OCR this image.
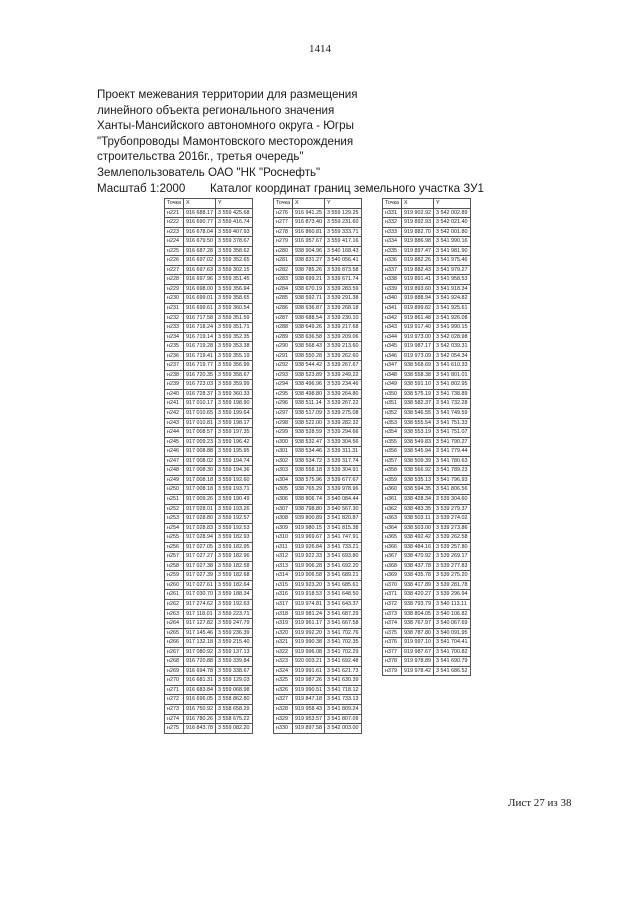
1414
Проект межевания территории для размещения
линейного объекта регионального значения
Ханты-Мансийского автономного округа - Югры
"Трубопроводы Мамонтовского месторождения
строительства 2016г., третья очередь"
Землепользователь ОАО "НК "Роснефть"
Масштаб 1:2000	Каталог координат границ земельного участка ЗУ1
Точка	X	Y
н221	916 688.17	3 559 425.68
н222	916 690.77	3 559 416.74
н223	916 678.04	3 559 407.93
н224	916 679.50	3 559 378.67
н225	916 687.28	3 559 358.62
н226	916 697.02	3 559 352.65
н227	916 697.63	3 559 302.15
н228	916 697.96	3 559 351.45
н229	916 698.00	3 559 356.94
н230	916 699.01	3 559 358.65
н231	916 699.61	3 559 360.54
н232	916 717.58	3 559 351.59
н233	916 718.24	3 559 351.71
н234	916 719.14	3 559 352.35
н235	916 719.28	3 559 353.38
н236	916 719.41	3 559 355.19
н237	916 719.77	3 559 356.99
н238	916 720.35	3 559 358.67
н239	916 723.03	3 559 359.99
н240	916 728.37	3 559 360.33
н241	917 010.17	3 559 198.90
н242	917 010.65	3 559 199.64
н243	917 010.81	3 559 198.17
н244	917 008.57	3 559 197.35
н245	917 009.23	3 559 196.42
н246	917 008.88	3 559 195.95
н247	917 008.02	3 559 194.74
н248	917 008.30	3 559 194.36
н249	917 008.18	3 559 192.60
н250	917 008.18	3 559 193.71
н251	917 009.26	3 559 190.49
н252	917 028.01	3 559 193.26
н253	917 028.80	3 559 192.57
н254	917 028.83	3 559 192.53
н255	917 028.94	3 559 182.93
н256	917 027.05	3 559 182.95
н257	917 027.27	3 559 182.96
н258	917 027.38	3 559 182.58
н259	917 027.39	3 559 182.68
н260	917 027.61	3 559 182.64
н261	917 030.70	3 559 188.34
н262	917 274.62	3 559 192.63
н263	917 118.01	3 559 223.71
н264	917 127.82	3 559 247.79
н265	917 145.46	3 559 236.39
н266	917 132.18	3 559 215.40
н267	917 080.92	3 559 137.13
н268	916 720.88	3 559 339.84
н269	916 694.78	3 559 338.67
н270	916 681.31	3 559 129.03
н271	916 683.84	3 559 068.98
н272	916 696.05	3 558 862.80
н273	916 750.92	3 558 658.29
н274	916 780.26	3 558 675.22
н275	916 843.78	3 559 082.20
Точка	X	Y
н276	916 941.25	3 559 129.25
н277	916 873.40	3 559 231.60
н278	916 860.81	3 559 333.71
н279	916 957.67	3 559 417.16
н280	938 904.96	3 540 168.43
н281	938 831.27	3 540 056.41
н282	938 785.26	3 539 873.58
н283	938 699.21	3 539 671.74
н284	938 670.19	3 539 283.59
н285	938 592.71	3 539 291.38
н286	938 636.87	3 539 268.18
н287	938 688.54	3 539 230.10
н288	938 649.26	3 539 217.68
н289	938 636.58	3 539 209.06
н290	938 568.43	3 539 213.60
н291	938 550.28	3 539 262.60
н292	938 544.42	3 539 267.67
н293	938 523.89	3 539 249.22
н294	938 496.96	3 539 234.46
н295	938 498.80	3 539 264.80
н296	938 511.14	3 539 267.22
н297	938 517.09	3 539 275.08
н298	938 522.00	3 539 282.32
н299	938 528.59	3 539 294.66
н300	938 532.47	3 539 304.56
н301	938 534.46	3 539 311.31
н302	938 534.72	3 539 317.74
н303	938 558.18	3 539 304.91
н304	938 575.96	3 539 677.67
н305	938 765.29	3 539 978.96
н306	938 806.74	3 540 084.44
н307	938 798.80	3 540 567.30
н308	939 800.89	3 541 820.87
н309	919 980.15	3 541 815.38
н310	919 969.67	3 541 747.91
н311	919 926.84	3 541 733.21
н312	919 922.33	3 541 693.80
н313	919 906.28	3 541 692.20
н314	919 906.58	3 541 689.21
н315	919 923.20	3 541 685.61
н316	919 918.53	3 541 648.50
н317	919 974.81	3 541 643.37
н318	919 981.24	3 541 687.29
н319	919 961.17	3 541 667.58
н320	919 992.20	3 541 702.76
н321	919 990.38	3 541 702.35
н322	919 996.08	3 541 702.29
н323	920 003.21	3 541 692.48
н324	919 991.61	3 541 621.73
н325	919 987.26	3 541 630.39
н326	919 990.51	3 541 718.12
н327	919 847.18	3 541 733.13
н328	919 958.43	3 541 809.24
н329	919 953.57	3 541 807.09
н330	919 897.58	3 542 003.00
Точка	X	Y
н331	919 902.92	3 542 002.89
н332	919 892.93	3 542 021.40
н333	919 882.70	3 542 001.80
н334	919 886.98	3 541 990.16
н335	919 897.47	3 541 981.90
н336	919 882.26	3 541 975.46
н337	919 882.43	3 541 979.27
н338	919 891.41	3 541 958.53
н339	919 893.60	3 541 918.34
н340	919 888.94	3 541 924.82
н341	919 899.82	3 541 925.61
н342	919 861.48	3 541 926.08
н343	919 917.40	3 541 990.15
н344	919 973.00	3 542 028.98
н345	919 987.17	3 542 039.31
н346	919 973.09	3 542 054.34
н347	938 568.69	3 541 610.33
н348	938 558.38	3 541 801.01
н349	938 591.10	3 541 802.95
н350	938 575.19	3 541 738.89
н351	938 582.37	3 541 732.28
н352	938 546.55	3 541 749.59
н353	938 555.54	3 541 751.33
н354	938 553.19	3 541 751.07
н355	938 549.83	3 541 790.27
н356	938 545.94	3 541 779.44
н357	938 509.39	3 541 780.63
н358	938 566.92	3 541 789.23
н359	938 535.13	3 541 796.93
н360	938 594.35	3 541 806.56
н361	938 428.34	3 539 304.60
н362	938 483.35	3 539 279.37
н363	938 503.11	3 539 274.02
н364	938 503.00	3 539 273.86
н365	938 492.42	3 539 262.58
н366	938 484.16	3 539 257.80
н367	938 470.92	3 539 269.17
н368	938 437.78	3 539 277.83
н369	938 435.78	3 539 275.20
н370	938 417.89	3 539 281.78
н371	938 420.27	3 539 296.94
н372	938 793.79	3 540 113.11
н373	938 804.05	3 540 106.82
н374	938 767.97	3 540 067.69
н375	938 787.80	3 540 091.95
н376	919 997.10	3 541 704.41
н377	919 987.67	3 541 700.82
н378	919 978.89	3 541 690.79
н379	919 978.42	3 541 686.52
Лист 27 из 38
